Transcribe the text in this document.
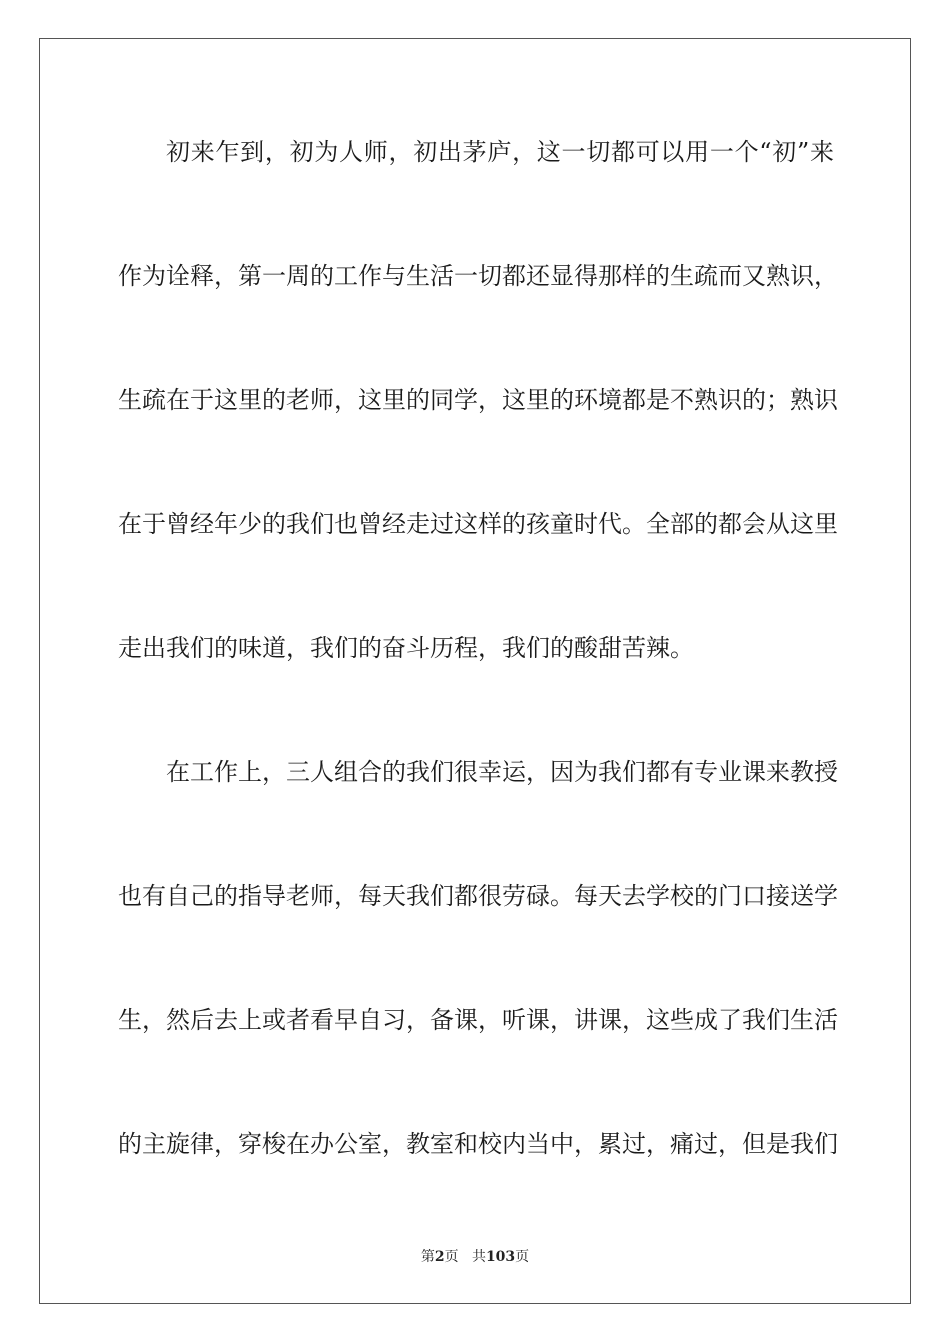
初来乍到，初为人师，初出茅庐，这一切都可以用一个“初”来
作为诠释，第一周的工作与生活一切都还显得那样的生疏而又熟识，
生疏在于这里的老师，这里的同学，这里的环境都是不熟识的；熟识
在于曾经年少的我们也曾经走过这样的孩童时代。全部的都会从这里
走出我们的味道，我们的奋斗历程，我们的酸甜苦辣。
在工作上，三人组合的我们很幸运，因为我们都有专业课来教授
也有自己的指导老师，每天我们都很劳碌。每天去学校的门口接送学
生，然后去上或者看早自习，备课，听课，讲课，这些成了我们生活
的主旋律，穿梭在办公室，教室和校内当中，累过，痛过，但是我们
第2页 共103页
